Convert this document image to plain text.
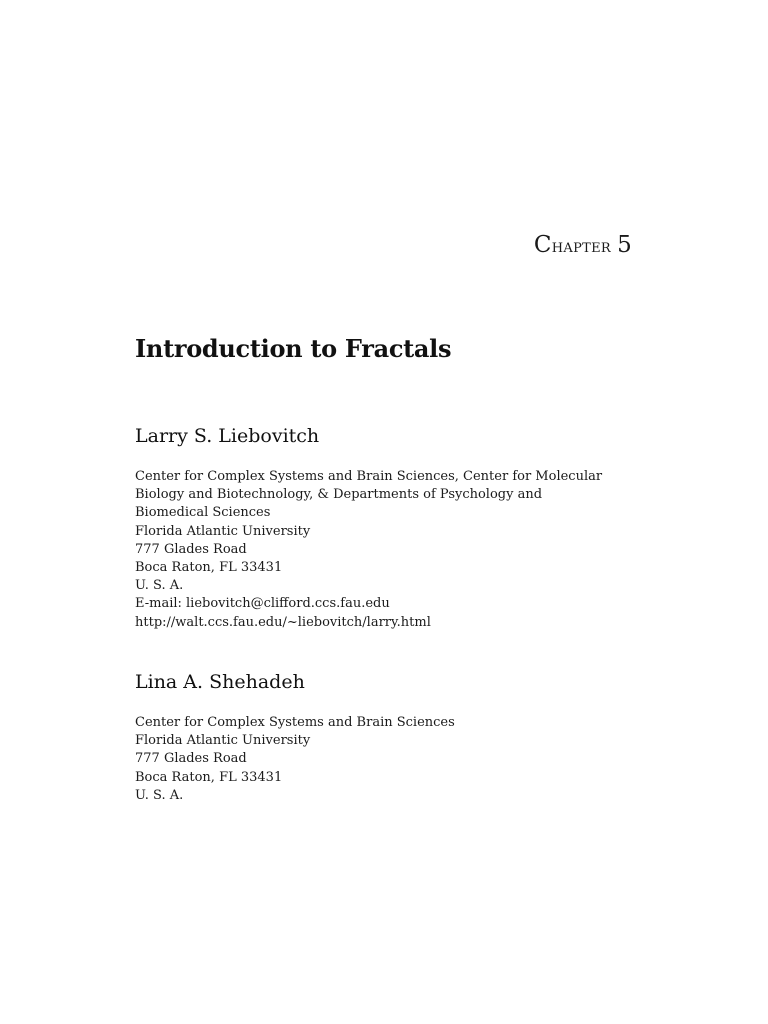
Chapter 5
Introduction to Fractals
Larry S. Liebovitch
Center for Complex Systems and Brain Sciences, Center for Molecular
Biology and Biotechnology, & Departments of Psychology and
Biomedical Sciences
Florida Atlantic University
777 Glades Road
Boca Raton, FL 33431
U. S. A.
E-mail: liebovitch@clifford.ccs.fau.edu
http://walt.ccs.fau.edu/~liebovitch/larry.html
Lina A. Shehadeh
Center for Complex Systems and Brain Sciences
Florida Atlantic University
777 Glades Road
Boca Raton, FL 33431
U. S. A.
